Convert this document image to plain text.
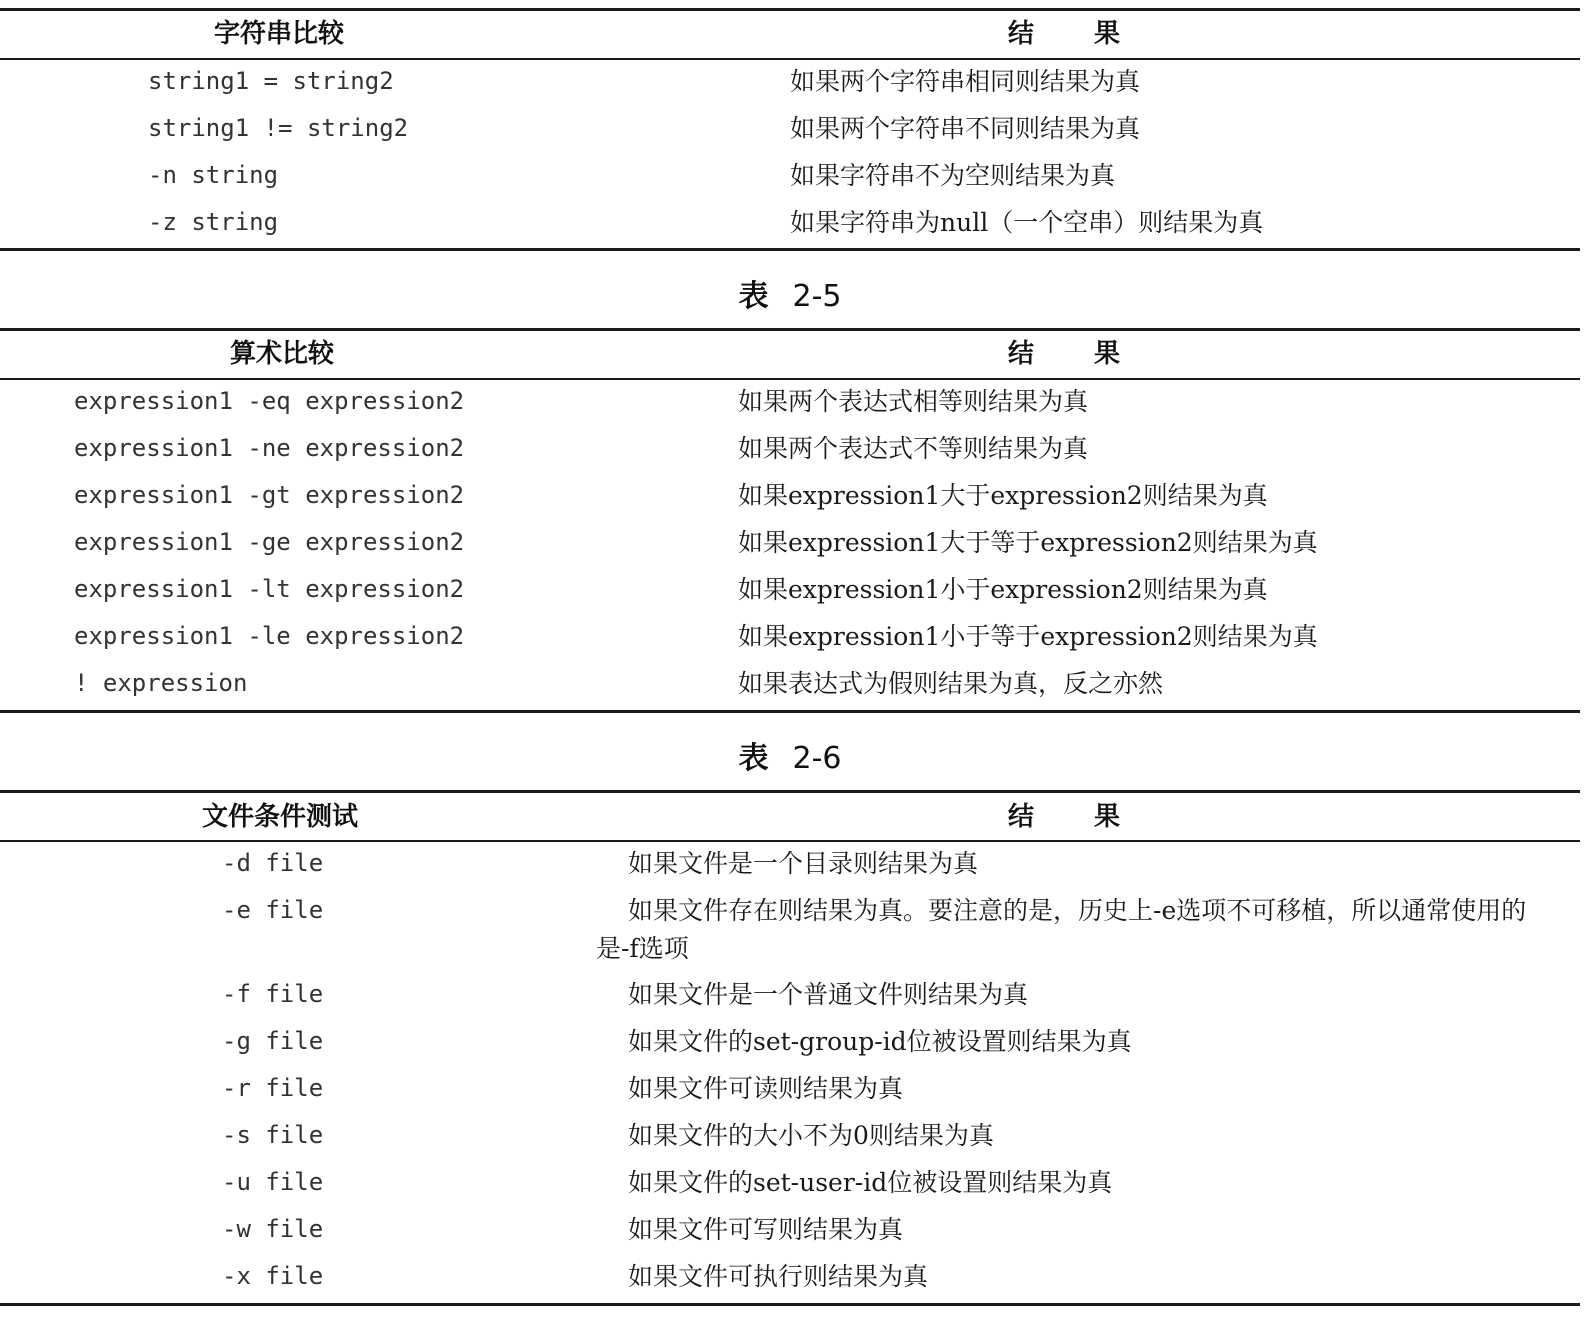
字符串比较	结果
string1 = string2	如果两个字符串相同则结果为真
string1 != string2	如果两个字符串不同则结果为真
-n string	如果字符串不为空则结果为真
-z string	如果字符串为null（一个空串）则结果为真
表 2-5
算术比较	结果
expression1 -eq expression2	如果两个表达式相等则结果为真
expression1 -ne expression2	如果两个表达式不等则结果为真
expression1 -gt expression2	如果expression1大于expression2则结果为真
expression1 -ge expression2	如果expression1大于等于expression2则结果为真
expression1 -lt expression2	如果expression1小于expression2则结果为真
expression1 -le expression2	如果expression1小于等于expression2则结果为真
! expression	如果表达式为假则结果为真，反之亦然
表 2-6
文件条件测试	结果
-d file	如果文件是一个目录则结果为真
-e file	如果文件存在则结果为真。要注意的是，历史上-e选项不可移植，所以通常使用的是-f选项
-f file	如果文件是一个普通文件则结果为真
-g file	如果文件的set-group-id位被设置则结果为真
-r file	如果文件可读则结果为真
-s file	如果文件的大小不为0则结果为真
-u file	如果文件的set-user-id位被设置则结果为真
-w file	如果文件可写则结果为真
-x file	如果文件可执行则结果为真
